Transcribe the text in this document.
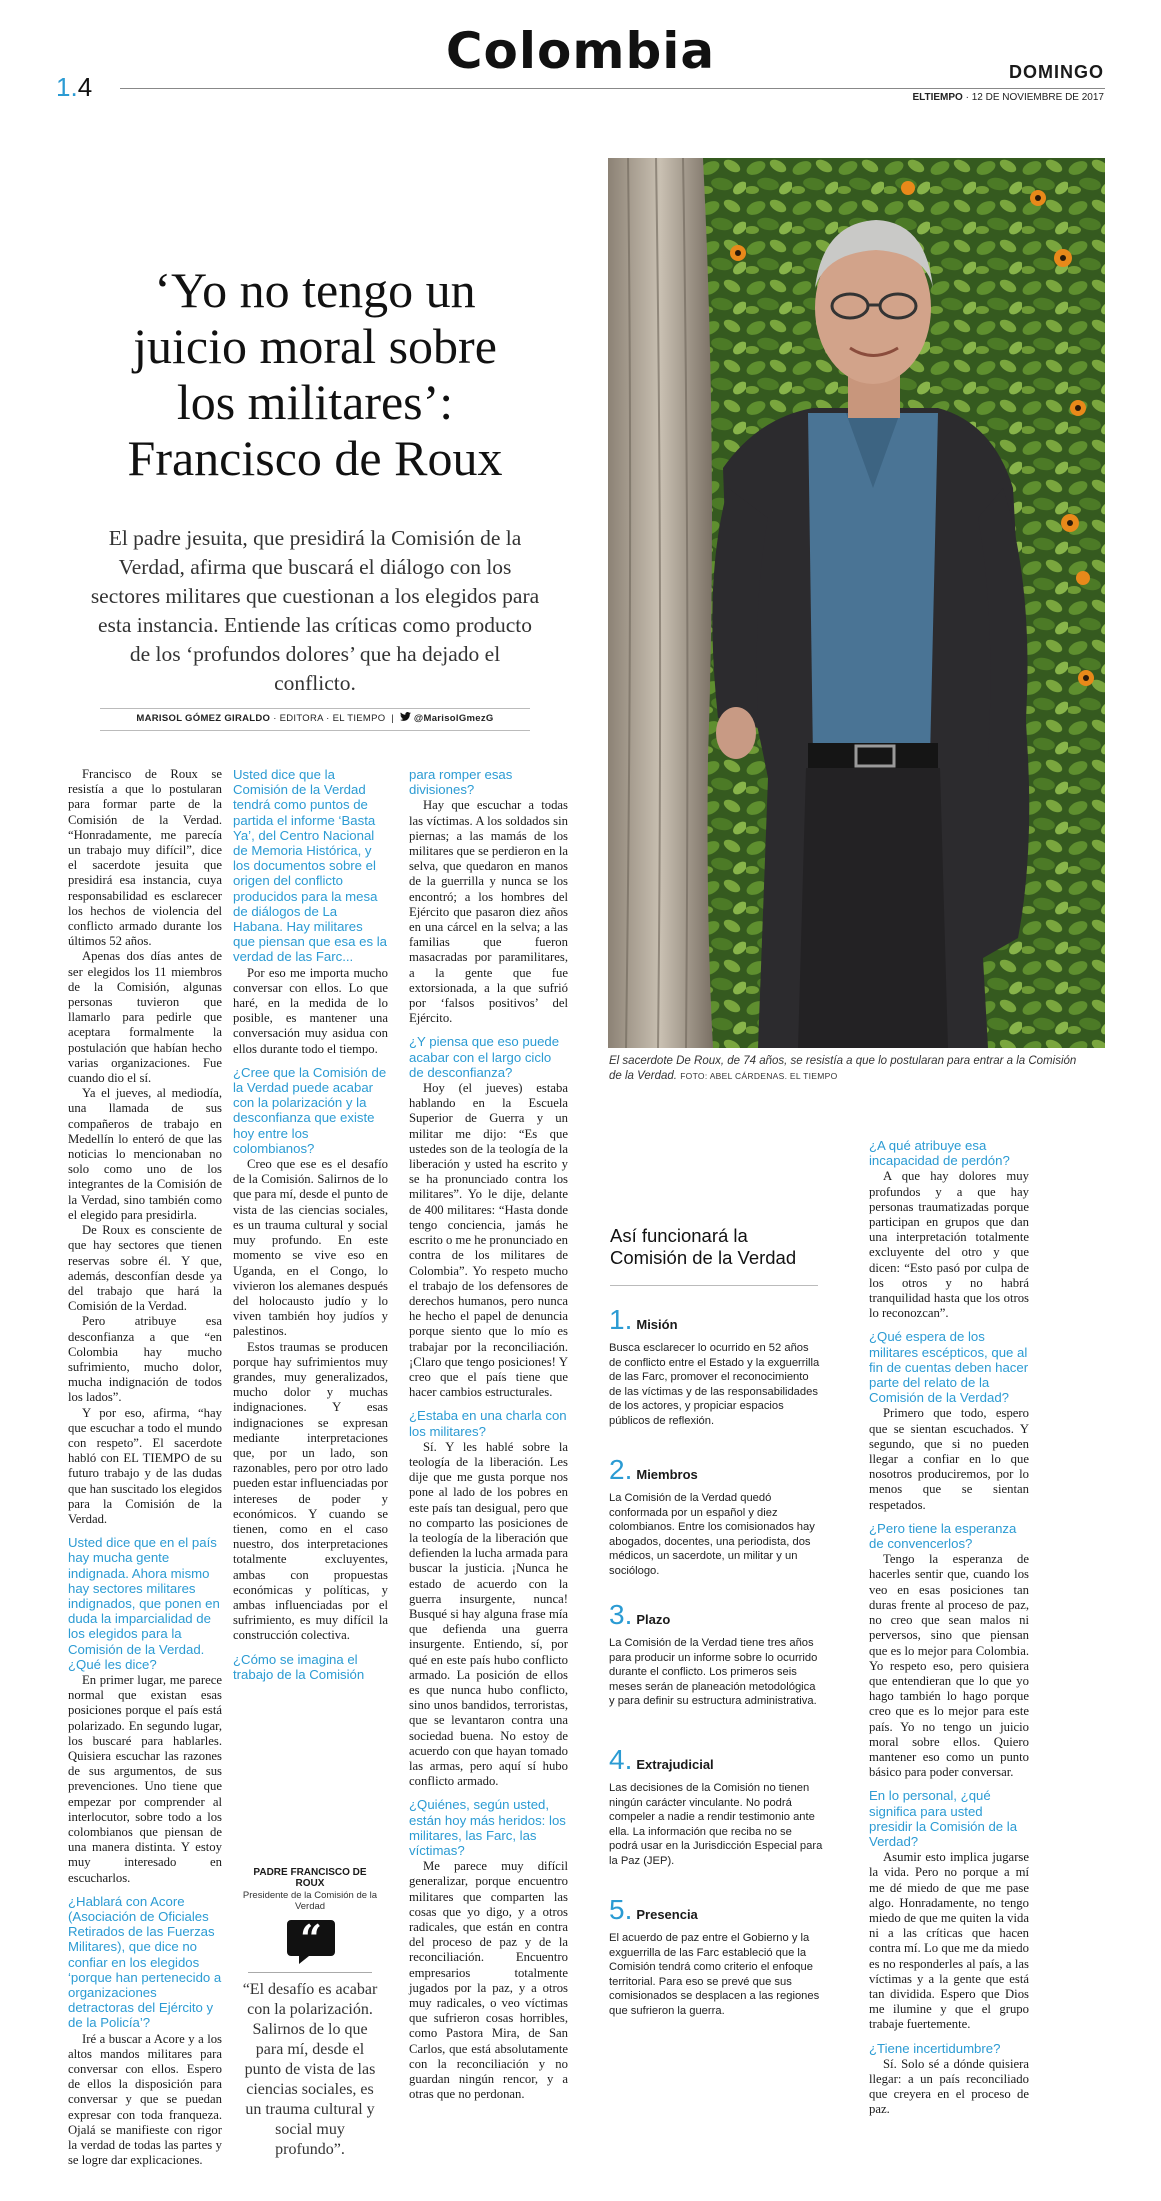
1.4
Colombia	DOMINGO
ELTIEMPO · 12 DE NOVIEMBRE DE 2017
El sacerdote De Roux, de 74 años, se resistía a que lo postularan para entrar a la Comisión de la Verdad. FOTO: ABEL CÁRDENAS. EL TIEMPO
‘Yo no tengo un
juicio moral sobre
los militares’:
Francisco de Roux
El padre jesuita, que presidirá la Comisión de la Verdad, afirma que buscará el diálogo con los sectores militares que cuestionan a los elegidos para esta instancia. Entiende las críticas como producto de los ‘profundos dolores’ que ha dejado el conflicto.
MARISOL GÓMEZ GIRALDO · EDITORA · EL TIEMPO  |   @MarisolGmezG

Francisco de Roux se resistía a que lo postularan para formar parte de la Comisión de la Verdad. “Honradamente, me parecía un trabajo muy difícil”, dice el sacerdote jesuita que presidirá esa instancia, cuya responsabilidad es esclarecer los hechos de violencia del conflicto armado durante los últimos 52 años.

Apenas dos días antes de ser elegidos los 11 miembros de la Comisión, algunas personas tuvieron que llamarlo para pedirle que aceptara formalmente la postulación que habían hecho varias organizaciones. Fue cuando dio el sí.

Ya el jueves, al mediodía, una llamada de sus compañeros de trabajo en Medellín lo enteró de que las noticias lo mencionaban no solo como uno de los integrantes de la Comisión de la Verdad, sino también como el elegido para presidirla.

De Roux es consciente de que hay sectores que tienen reservas sobre él. Y que, además, desconfían desde ya del trabajo que hará la Comisión de la Verdad.

Pero atribuye esa desconfianza a que “en Colombia hay mucho sufrimiento, mucho dolor, mucha indignación de todos los lados”.

Y por eso, afirma, “hay que escuchar a todo el mundo con respeto”. El sacerdote habló con EL TIEMPO de su futuro trabajo y de las dudas que han suscitado los elegidos para la Comisión de la Verdad.

Usted dice que en el país hay mucha gente indignada. Ahora mismo hay sectores militares indignados, que ponen en duda la imparcialidad de los elegidos para la Comisión de la Verdad. ¿Qué les dice?

En primer lugar, me parece normal que existan esas posiciones porque el país está polarizado. En segundo lugar, los buscaré para hablarles. Quisiera escuchar las razones de sus argumentos, de sus prevenciones. Uno tiene que empezar por comprender al interlocutor, sobre todo a los colombianos que piensan de una manera distinta. Y estoy muy interesado en escucharlos.

¿Hablará con Acore (Asociación de Oficiales Retirados de las Fuerzas Militares), que dice no confiar en los elegidos ‘porque han pertenecido a organizaciones detractoras del Ejército y de la Policía’?

Iré a buscar a Acore y a los altos mandos militares para conversar con ellos. Espero de ellos la disposición para conversar y que se puedan expresar con toda franqueza. Ojalá se manifieste con rigor la verdad de todas las partes y se logre dar explicaciones.

Usted dice que la Comisión de la Verdad tendrá como puntos de partida el informe ‘Basta Ya’, del Centro Nacional de Memoria Histórica, y los documentos sobre el origen del conflicto producidos para la mesa de diálogos de La Habana. Hay militares que piensan que esa es la verdad de las Farc...

Por eso me importa mucho conversar con ellos. Lo que haré, en la medida de lo posible, es mantener una conversación muy asidua con ellos durante todo el tiempo.

¿Cree que la Comisión de la Verdad puede acabar con la polarización y la desconfianza que existe hoy entre los colombianos?

Creo que ese es el desafío de la Comisión. Salirnos de lo que para mí, desde el punto de vista de las ciencias sociales, es un trauma cultural y social muy profundo. En este momento se vive eso en Uganda, en el Congo, lo vivieron los alemanes después del holocausto judío y lo viven también hoy judíos y palestinos.

Estos traumas se producen porque hay sufrimientos muy grandes, muy generalizados, mucho dolor y muchas indignaciones. Y esas indignaciones se expresan mediante interpretaciones que, por un lado, son razonables, pero por otro lado pueden estar influenciadas por intereses de poder y económicos. Y cuando se tienen, como en el caso nuestro, dos interpretaciones totalmente excluyentes, ambas con propuestas económicas y políticas, y ambas influenciadas por el sufrimiento, es muy difícil la construcción colectiva.

¿Cómo se imagina el trabajo de la Comisión

PADRE FRANCISCO DE ROUX
Presidente de la Comisión de la Verdad
“
“El desafío es acabar con la polarización. Salirnos de lo que para mí, desde el punto de vista de las ciencias sociales, es un trauma cultural y social muy profundo”.

para romper esas divisiones?

Hay que escuchar a todas las víctimas. A los soldados sin piernas; a las mamás de los militares que se perdieron en la selva, que quedaron en manos de la guerrilla y nunca se los encontró; a los hombres del Ejército que pasaron diez años en una cárcel en la selva; a las familias que fueron masacradas por paramilitares, a la gente que fue extorsionada, a la que sufrió por ‘falsos positivos’ del Ejército.

¿Y piensa que eso puede acabar con el largo ciclo de desconfianza?

Hoy (el jueves) estaba hablando en la Escuela Superior de Guerra y un militar me dijo: “Es que ustedes son de la teología de la liberación y usted ha escrito y se ha pronunciado contra los militares”. Yo le dije, delante de 400 militares: “Hasta donde tengo conciencia, jamás he escrito o me he pronunciado en contra de los militares de Colombia”. Yo respeto mucho el trabajo de los defensores de derechos humanos, pero nunca he hecho el papel de denuncia porque siento que lo mío es trabajar por la reconciliación. ¡Claro que tengo posiciones! Y creo que el país tiene que hacer cambios estructurales.

¿Estaba en una charla con los militares?

Sí. Y les hablé sobre la teología de la liberación. Les dije que me gusta porque nos pone al lado de los pobres en este país tan desigual, pero que no comparto las posiciones de la teología de la liberación que defienden la lucha armada para buscar la justicia. ¡Nunca he estado de acuerdo con la guerra insurgente, nunca! Busqué si hay alguna frase mía que defienda una guerra insurgente. Entiendo, sí, por qué en este país hubo conflicto armado. La posición de ellos es que nunca hubo conflicto, sino unos bandidos, terroristas, que se levantaron contra una sociedad buena. No estoy de acuerdo con que hayan tomado las armas, pero aquí sí hubo conflicto armado.

¿Quiénes, según usted, están hoy más heridos: los militares, las Farc, las víctimas?

Me parece muy difícil generalizar, porque encuentro militares que comparten las cosas que yo digo, y a otros radicales, que están en contra del proceso de paz y de la reconciliación. Encuentro empresarios totalmente jugados por la paz, y a otros muy radicales, o veo víctimas que sufrieron cosas horribles, como Pastora Mira, de San Carlos, que está absolutamente con la reconciliación y no guardan ningún rencor, y a otras que no perdonan.

Así funcionará la Comisión de la Verdad
1. Misión
Busca esclarecer lo ocurrido en 52 años de conflicto entre el Estado y la exguerrilla de las Farc, promover el reconocimiento de las víctimas y de las responsabilidades de los actores, y propiciar espacios públicos de reflexión.
2. Miembros
La Comisión de la Verdad quedó conformada por un español y diez colombianos. Entre los comisionados hay abogados, docentes, una periodista, dos médicos, un sacerdote, un militar y un sociólogo.
3. Plazo
La Comisión de la Verdad tiene tres años para producir un informe sobre lo ocurrido durante el conflicto. Los primeros seis meses serán de planeación metodológica y para definir su estructura administrativa.
4. Extrajudicial
Las decisiones de la Comisión no tienen ningún carácter vinculante. No podrá compeler a nadie a rendir testimonio ante ella. La información que reciba no se podrá usar en la Jurisdicción Especial para la Paz (JEP).
5. Presencia
El acuerdo de paz entre el Gobierno y la exguerrilla de las Farc estableció que la Comisión tendrá como criterio el enfoque territorial. Para eso se prevé que sus comisionados se desplacen a las regiones que sufrieron la guerra.

¿A qué atribuye esa incapacidad de perdón?

A que hay dolores muy profundos y a que hay personas traumatizadas porque participan en grupos que dan una interpretación totalmente excluyente del otro y que dicen: “Esto pasó por culpa de los otros y no habrá tranquilidad hasta que los otros lo reconozcan”.

¿Qué espera de los militares escépticos, que al fin de cuentas deben hacer parte del relato de la Comisión de la Verdad?

Primero que todo, espero que se sientan escuchados. Y segundo, que si no pueden llegar a confiar en lo que nosotros produciremos, por lo menos que se sientan respetados.

¿Pero tiene la esperanza de convencerlos?

Tengo la esperanza de hacerles sentir que, cuando los veo en esas posiciones tan duras frente al proceso de paz, no creo que sean malos ni perversos, sino que piensan que es lo mejor para Colombia. Yo respeto eso, pero quisiera que entendieran que lo que yo hago también lo hago porque creo que es lo mejor para este país. Yo no tengo un juicio moral sobre ellos. Quiero mantener eso como un punto básico para poder conversar.

En lo personal, ¿qué significa para usted presidir la Comisión de la Verdad?

Asumir esto implica jugarse la vida. Pero no porque a mí me dé miedo de que me pase algo. Honradamente, no tengo miedo de que me quiten la vida ni a las críticas que hacen contra mí. Lo que me da miedo es no responderles al país, a las víctimas y a la gente que está tan dividida. Espero que Dios me ilumine y que el grupo trabaje fuertemente.

¿Tiene incertidumbre?

Sí. Solo sé a dónde quisiera llegar: a un país reconciliado que creyera en el proceso de paz.
